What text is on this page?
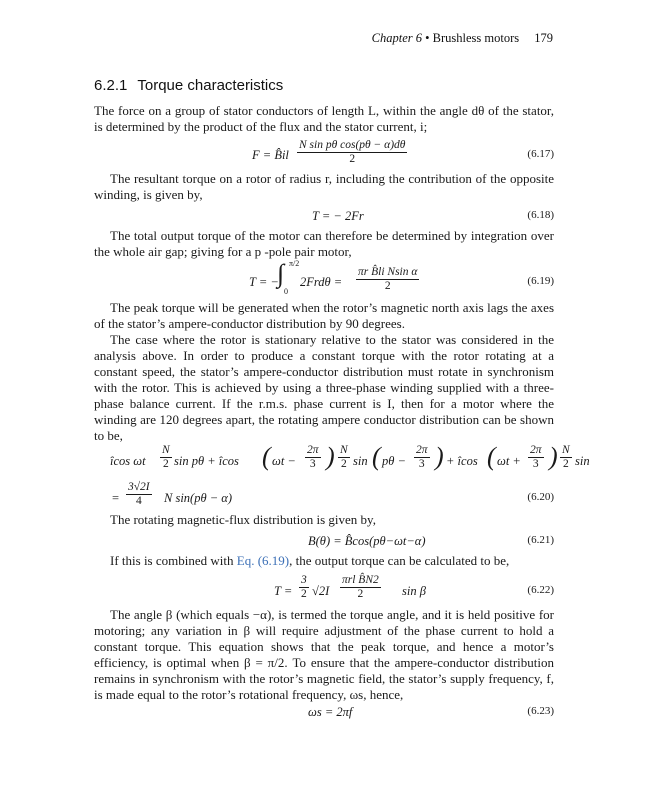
Chapter 6 • Brushless motors 179
6.2.1 Torque characteristics
The force on a group of stator conductors of length L, within the angle dθ of the stator, is determined by the product of the flux and the stator current, i;
F = B̂il $\frac{\text{N sin pθ cos(pθ − α)dθ}}{2}$	(6.17)
The resultant torque on a rotor of radius r, including the contribution of the opposite winding, is given by,
T = − 2Fr	(6.18)
The total output torque of the motor can therefore be determined by integration over the whole air gap; giving for a p -pole pair motor,
T = −
∫ π/2
0
$2Frd\theta = \frac{\text{πr B̂li Nsin α}}{2}$	(6.19)
The peak torque will be generated when the rotor’s magnetic north axis lags the axes of the stator’s ampere-conductor distribution by 90 degrees.
The case where the rotor is stationary relative to the stator was considered in the analysis above. In order to produce a constant torque with the rotor rotating at a constant speed, the stator’s ampere-conductor distribution must rotate in synchronism with the rotor. This is achieved by using a three-phase winding supplied with a three-phase balance current. If the r.m.s. phase current is I, then for a motor where the winding are 120 degrees apart, the rotating ampere conductor distribution can be shown to be,
îcos ωt $\frac{N}{2}$ sin pθ + îcos ( $\omega t - \frac{2\pi}{3}$ ) $\frac{N}{2}$ sin ( $p\theta - \frac{2\pi}{3}$ ) + îcos ( $\omega t + \frac{2\pi}{3}$ ) $\frac{N}{2}$ sin
= $\frac{3√2I}{4}$ N sin(pθ − α)	(6.20)
The rotating magnetic-flux distribution is given by,
B(θ) = B̂cos(pθ−ωt−α)	(6.21)
If this is combined with Eq. (6.19), the output torque can be calculated to be,
$T = \frac{3}{2} √2I$
πrl B̂N2
2	sin β	(6.22)
The angle β (which equals −α), is termed the torque angle, and it is held positive for motoring; any variation in β will require adjustment of the phase current to hold a constant torque. This equation shows that the peak torque, and hence a motor’s efficiency, is optimal when β = π/2. To ensure that the ampere-conductor distribution remains in synchronism with the rotor’s magnetic field, the stator’s supply frequency, f, is made equal to the rotor’s rotational frequency, ωs, hence,
ωs = 2πf	(6.23)
